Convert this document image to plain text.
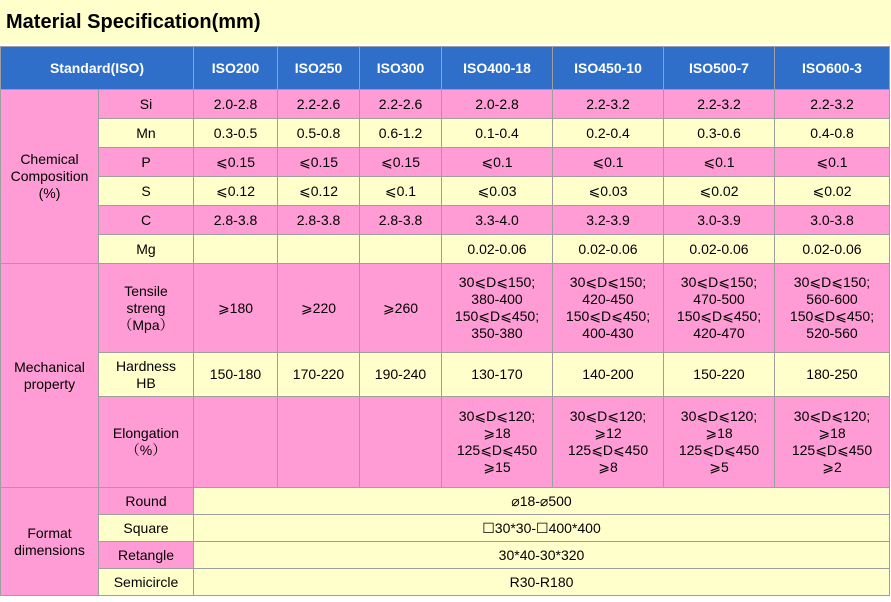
Material Specification(mm)
Standard(ISO)		ISO200	ISO250	ISO300	ISO400-18	ISO450-10	ISO500-7	ISO600-3
Chemical
Composition
(%)	Si	2.0-2.8	2.2-2.6	2.2-2.6	2.0-2.8	2.2-3.2	2.2-3.2	2.2-3.2
	Mn	0.3-0.5	0.5-0.8	0.6-1.2	0.1-0.4	0.2-0.4	0.3-0.6	0.4-0.8
	P	⩽0.15	⩽0.15	⩽0.15	⩽0.1	⩽0.1	⩽0.1	⩽0.1
	S	⩽0.12	⩽0.12	⩽0.1	⩽0.03	⩽0.03	⩽0.02	⩽0.02
	C	2.8-3.8	2.8-3.8	2.8-3.8	3.3-4.0	3.2-3.9	3.0-3.9	3.0-3.8
	Mg				0.02-0.06	0.02-0.06	0.02-0.06	0.02-0.06
Mechanical
property	Tensile
streng
（Mpa）	⩾180	⩾220	⩾260	30⩽D⩽150;
380-400
150⩽D⩽450;
350-380	30⩽D⩽150;
420-450
150⩽D⩽450;
400-430	30⩽D⩽150;
470-500
150⩽D⩽450;
420-470	30⩽D⩽150;
560-600
150⩽D⩽450;
520-560
	Hardness
HB	150-180	170-220	190-240	130-170	140-200	150-220	180-250
	Elongation
（%）				30⩽D⩽120;
⩾18
125⩽D⩽450
⩾15	30⩽D⩽120;
⩾12
125⩽D⩽450
⩾8	30⩽D⩽120;
⩾18
125⩽D⩽450
⩾5	30⩽D⩽120;
⩾18
125⩽D⩽450
⩾2
Format
dimensions	Round	⌀18-⌀500						
	Square	☐30*30-☐400*400						
	Retangle	30*40-30*320						
	Semicircle	R30-R180						
